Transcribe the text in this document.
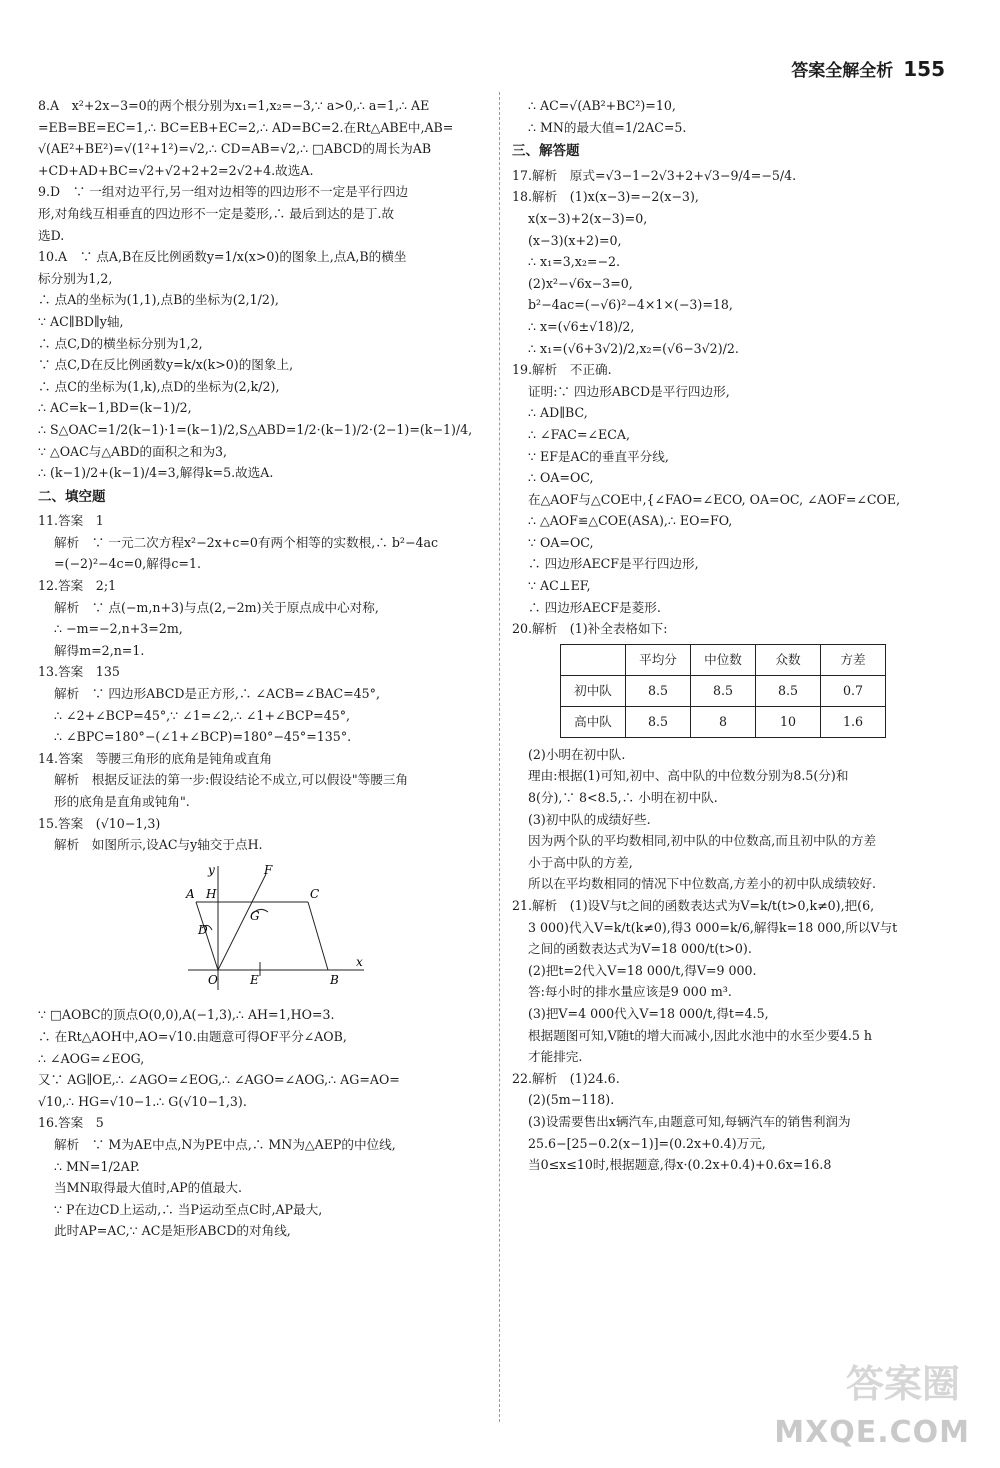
答案全解全析 155
8.A　x²+2x−3=0的两个根分别为x₁=1,x₂=−3,∵ a>0,∴ a=1,∴ AE
=EB=BE=EC=1,∴ BC=EB+EC=2,∴ AD=BC=2.在Rt△ABE中,AB=
√(AE²+BE²)=√(1²+1²)=√2,∴ CD=AB=√2,∴ □ABCD的周长为AB
+CD+AD+BC=√2+√2+2+2=2√2+4.故选A.
9.D　∵ 一组对边平行,另一组对边相等的四边形不一定是平行四边
形,对角线互相垂直的四边形不一定是菱形,∴ 最后到达的是丁.故
选D.
10.A　∵ 点A,B在反比例函数y=1/x(x>0)的图象上,点A,B的横坐
标分别为1,2,
∴ 点A的坐标为(1,1),点B的坐标为(2,1/2),
∵ AC∥BD∥y轴,
∴ 点C,D的横坐标分别为1,2,
∵ 点C,D在反比例函数y=k/x(k>0)的图象上,
∴ 点C的坐标为(1,k),点D的坐标为(2,k/2),
∴ AC=k−1,BD=(k−1)/2,
∴ S△OAC=1/2(k−1)·1=(k−1)/2,S△ABD=1/2·(k−1)/2·(2−1)=(k−1)/4,
∵ △OAC与△ABD的面积之和为3,
∴ (k−1)/2+(k−1)/4=3,解得k=5.故选A.
二、填空题
11.答案　1
解析　∵ 一元二次方程x²−2x+c=0有两个相等的实数根,∴ b²−4ac
=(−2)²−4c=0,解得c=1.
12.答案　2;1
解析　∵ 点(−m,n+3)与点(2,−2m)关于原点成中心对称,
∴ −m=−2,n+3=2m,
解得m=2,n=1.
13.答案　135
解析　∵ 四边形ABCD是正方形,∴ ∠ACB=∠BAC=45°,
∴ ∠2+∠BCP=45°,∵ ∠1=∠2,∴ ∠1+∠BCP=45°,
∴ ∠BPC=180°−(∠1+∠BCP)=180°−45°=135°.
14.答案　等腰三角形的底角是钝角或直角
解析　根据反证法的第一步:假设结论不成立,可以假设"等腰三角
形的底角是直角或钝角".
15.答案　(√10−1,3)
解析　如图所示,设AC与y轴交于点H.
A H
F
C
G
D
O	E	B
x
y
∵ □AOBC的顶点O(0,0),A(−1,3),∴ AH=1,HO=3.
∴ 在Rt△AOH中,AO=√10.由题意可得OF平分∠AOB,
∴ ∠AOG=∠EOG,
又∵ AG∥OE,∴ ∠AGO=∠EOG,∴ ∠AGO=∠AOG,∴ AG=AO=
√10,∴ HG=√10−1.∴ G(√10−1,3).
16.答案　5
解析　∵ M为AE中点,N为PE中点,∴ MN为△AEP的中位线,
∴ MN=1/2AP.
当MN取得最大值时,AP的值最大.
∵ P在边CD上运动,∴ 当P运动至点C时,AP最大,
此时AP=AC,∵ AC是矩形ABCD的对角线,
∴ AC=√(AB²+BC²)=10,
∴ MN的最大值=1/2AC=5.
三、解答题
17.解析　原式=√3−1−2√3+2+√3−9/4=−5/4.
18.解析　(1)x(x−3)=−2(x−3),
x(x−3)+2(x−3)=0,
(x−3)(x+2)=0,
∴ x₁=3,x₂=−2.
(2)x²−√6x−3=0,
b²−4ac=(−√6)²−4×1×(−3)=18,
∴ x=(√6±√18)/2,
∴ x₁=(√6+3√2)/2,x₂=(√6−3√2)/2.
19.解析　不正确.
证明:∵ 四边形ABCD是平行四边形,
∴ AD∥BC,
∴ ∠FAC=∠ECA,
∵ EF是AC的垂直平分线,
∴ OA=OC,
在△AOF与△COE中,{∠FAO=∠ECO, OA=OC, ∠AOF=∠COE,
∴ △AOF≌△COE(ASA),∴ EO=FO,
∵ OA=OC,
∴ 四边形AECF是平行四边形,
∵ AC⊥EF,
∴ 四边形AECF是菱形.
20.解析　(1)补全表格如下:
	平均分	中位数	众数	方差
初中队	8.5	8.5	8.5	0.7
高中队	8.5	8	10	1.6
(2)小明在初中队.
理由:根据(1)可知,初中、高中队的中位数分别为8.5(分)和
8(分),∵ 8<8.5,∴ 小明在初中队.
(3)初中队的成绩好些.
因为两个队的平均数相同,初中队的中位数高,而且初中队的方差
小于高中队的方差,
所以在平均数相同的情况下中位数高,方差小的初中队成绩较好.
21.解析　(1)设V与t之间的函数表达式为V=k/t(t>0,k≠0),把(6,
3 000)代入V=k/t(k≠0),得3 000=k/6,解得k=18 000,所以V与t
之间的函数表达式为V=18 000/t(t>0).
(2)把t=2代入V=18 000/t,得V=9 000.
答:每小时的排水量应该是9 000 m³.
(3)把V=4 000代入V=18 000/t,得t=4.5,
根据题图可知,V随t的增大而减小,因此水池中的水至少要4.5 h
才能排完.
22.解析　(1)24.6.
(2)(5m−118).
(3)设需要售出x辆汽车,由题意可知,每辆汽车的销售利润为
25.6−[25−0.2(x−1)]=(0.2x+0.4)万元,
当0≤x≤10时,根据题意,得x·(0.2x+0.4)+0.6x=16.8
答案圈
MXQE.COM
